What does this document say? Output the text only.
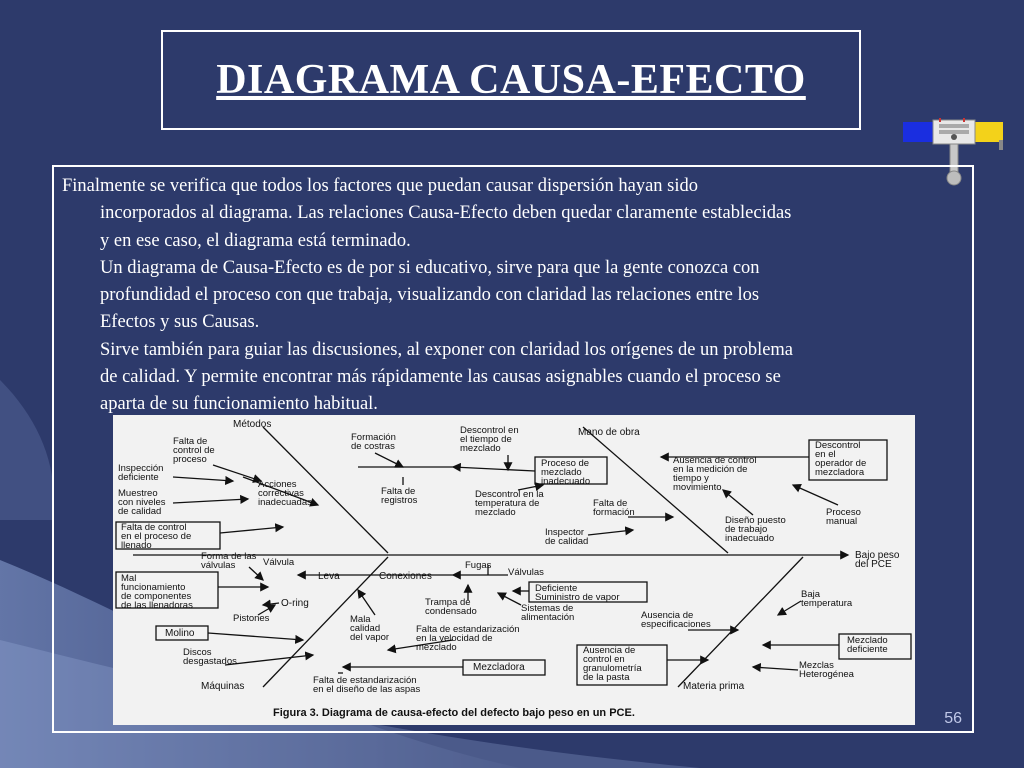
DIAGRAMA CAUSA-EFECTO

Finalmente se verifica que todos los factores que puedan causar dispersión hayan sido
incorporados al diagrama. Las relaciones Causa-Efecto deben quedar claramente establecidas
y en ese caso, el diagrama está terminado.
Un diagrama de Causa-Efecto es de por si educativo, sirve para que la gente conozca con
profundidad el proceso con que trabaja, visualizando con claridad las relaciones entre los
Efectos y sus Causas.
Sirve también para guiar las discusiones, al exponer con claridad los orígenes de un problema
de calidad. Y permite encontrar más rápidamente las causas asignables cuando el proceso se
aparta de su funcionamiento habitual.

Bajo peso del PCE
Métodos
Mano de obra
Máquinas	Materia prima
Falta de control de proceso
Inspección deficiente
Muestreo con niveles de calidad
Falta de control en el proceso de llenado
Acciones correctivas inadecuadas
Formación de costras
Falta de registros
Descontrol en el tiempo de mezclado
Proceso de mezclado inadecuado
Descontrol en la temperatura de mezclado
Ausencia de control en la medición de tiempo y movimiento
Descontrol en el operador de mezcladora
Proceso manual
Diseño puesto de trabajo inadecuado
Falta de formación
Inspector de calidad
Forma de las válvulas	Válvula
Mal funcionamiento de componentes de las llenadoras
Leva	Conexiones
Fugas
Válvulas
O-ring
Pistones
Deficiente Suministro de vapor
Trampa de condensado	Sistemas de alimentación
Mala calidad del vapor
Molino
Discos desgastados
Falta de estandarización en la velocidad de mezclado
Mezcladora
Falta de estandarización en el diseño de las aspas
Baja temperatura
Ausencia de especificaciones
Ausencia de control en granulometría de la pasta
Mezclado deficiente
Mezclas Heterogénea
Figura 3. Diagrama de causa-efecto del defecto bajo peso en un PCE.	56
